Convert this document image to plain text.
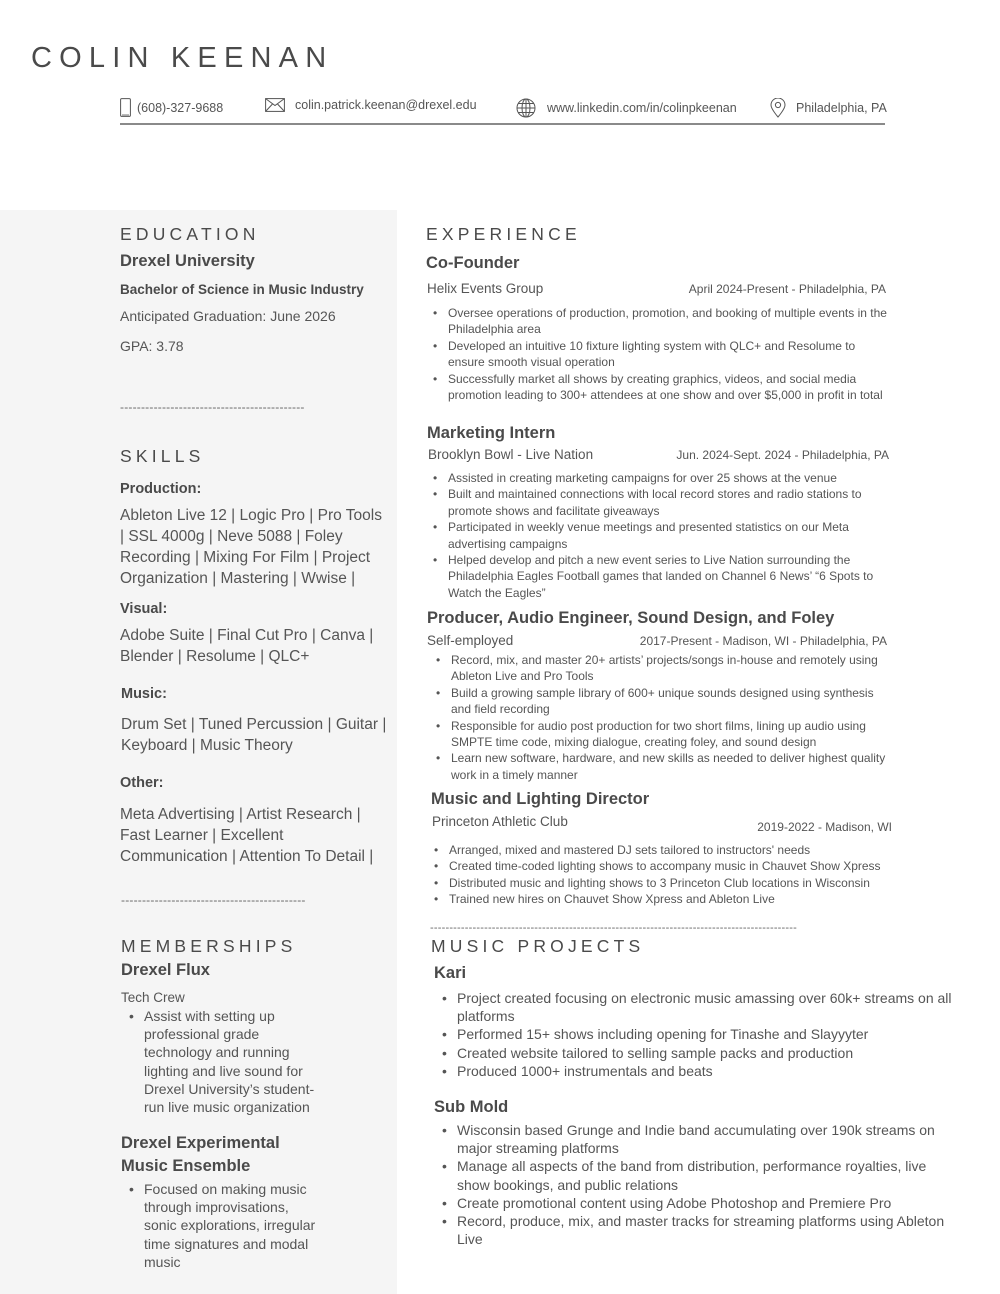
COLIN KEENAN
(608)-327-9688	colin.patrick.keenan@drexel.edu	www.linkedin.com/in/colinpkeenan	Philadelphia, PA
EDUCATION
Drexel University
Bachelor of Science in Music Industry
Anticipated Graduation: June 2026
GPA: 3.78
--------------------------------------------
SKILLS
Production:
Ableton Live 12 | Logic Pro | Pro Tools | SSL 4000g | Neve 5088 | Foley Recording | Mixing For Film | Project Organization | Mastering | Wwise |
Visual:
Adobe Suite | Final Cut Pro | Canva | Blender | Resolume | QLC+
Music:
Drum Set | Tuned Percussion | Guitar | Keyboard | Music Theory
Other:
Meta Advertising | Artist Research | Fast Learner | Excellent Communication | Attention To Detail |
--------------------------------------------
MEMBERSHIPS
Drexel Flux
Tech Crew
• Assist with setting up professional grade technology and running lighting and live sound for Drexel University’s student-run live music organization
Drexel Experimental Music Ensemble
• Focused on making music through improvisations, sonic explorations, irregular time signatures and modal music
EXPERIENCE
Co-Founder
Helix Events Group	April 2024-Present - Philadelphia, PA
• Oversee operations of production, promotion, and booking of multiple events in the Philadelphia area
• Developed an intuitive 10 fixture lighting system with QLC+ and Resolume to ensure smooth visual operation
• Successfully market all shows by creating graphics, videos, and social media promotion leading to 300+ attendees at one show and over $5,000 in profit in total
Marketing Intern
Brooklyn Bowl - Live Nation	Jun. 2024-Sept. 2024 - Philadelphia, PA
• Assisted in creating marketing campaigns for over 25 shows at the venue
• Built and maintained connections with local record stores and radio stations to promote shows and facilitate giveaways
• Participated in weekly venue meetings and presented statistics on our Meta advertising campaigns
• Helped develop and pitch a new event series to Live Nation surrounding the Philadelphia Eagles Football games that landed on Channel 6 News’ “6 Spots to Watch the Eagles”
Producer, Audio Engineer, Sound Design, and Foley
Self-employed	2017-Present - Madison, WI - Philadelphia, PA
• Record, mix, and master 20+ artists’ projects/songs in-house and remotely using Ableton Live and Pro Tools
• Build a growing sample library of 600+ unique sounds designed using synthesis and field recording
• Responsible for audio post production for two short films, lining up audio using SMPTE time code, mixing dialogue, creating foley, and sound design
• Learn new software, hardware, and new skills as needed to deliver highest quality work in a timely manner
Music and Lighting Director
Princeton Athletic Club	2019-2022 - Madison, WI
• Arranged, mixed and mastered DJ sets tailored to instructors' needs
• Created time-coded lighting shows to accompany music in Chauvet Show Xpress
• Distributed music and lighting shows to 3 Princeton Club locations in Wisconsin
• Trained new hires on Chauvet Show Xpress and Ableton Live
-----------------------------------------------------------------------------------------------
MUSIC PROJECTS
Kari
• Project created focusing on electronic music amassing over 60k+ streams on all platforms
• Performed 15+ shows including opening for Tinashe and Slayyyter
• Created website tailored to selling sample packs and production
• Produced 1000+ instrumentals and beats
Sub Mold
• Wisconsin based Grunge and Indie band accumulating over 190k streams on major streaming platforms
• Manage all aspects of the band from distribution, performance royalties, live show bookings, and public relations
• Create promotional content using Adobe Photoshop and Premiere Pro
• Record, produce, mix, and master tracks for streaming platforms using Ableton Live
